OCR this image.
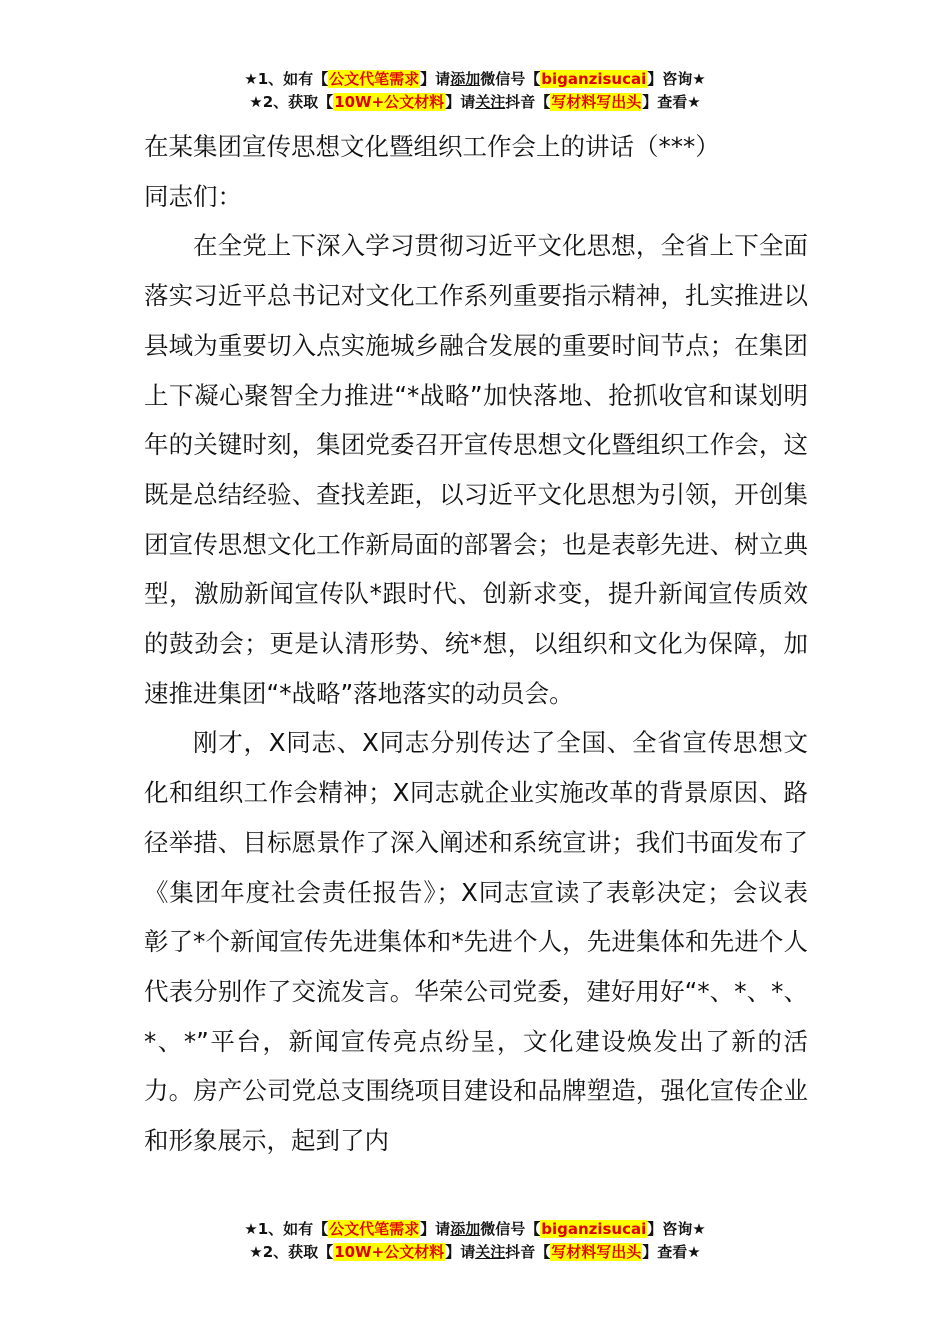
★1、如有【公文代笔需求】请添加微信号【biganzisucai】咨询★
★2、获取【10W+公文材料】请关注抖音【写材料写出头】查看★

在某集团宣传思想文化暨组织工作会上的讲话（***）

同志们：

在全党上下深入学习贯彻习近平文化思想，全省上下全面落实习近平总书记对文化工作系列重要指示精神，扎实推进以县域为重要切入点实施城乡融合发展的重要时间节点；在集团上下凝心聚智全力推进“*战略”加快落地、抢抓收官和谋划明年的关键时刻，集团党委召开宣传思想文化暨组织工作会，这既是总结经验、查找差距，以习近平文化思想为引领，开创集团宣传思想文化工作新局面的部署会；也是表彰先进、树立典型，激励新闻宣传队*跟时代、创新求变，提升新闻宣传质效的鼓劲会；更是认清形势、统*想，以组织和文化为保障，加速推进集团“*战略”落地落实的动员会。

刚才，X同志、X同志分别传达了全国、全省宣传思想文化和组织工作会精神；X同志就企业实施改革的背景原因、路径举措、目标愿景作了深入阐述和系统宣讲；我们书面发布了《集团年度社会责任报告》；X同志宣读了表彰决定；会议表彰了*个新闻宣传先进集体和*先进个人，先进集体和先进个人代表分别作了交流发言。华荣公司党委，建好用好“*、*、*、*、*”平台，新闻宣传亮点纷呈，文化建设焕发出了新的活力。房产公司党总支围绕项目建设和品牌塑造，强化宣传企业和形象展示，起到了内

★1、如有【公文代笔需求】请添加微信号【biganzisucai】咨询★
★2、获取【10W+公文材料】请关注抖音【写材料写出头】查看★
